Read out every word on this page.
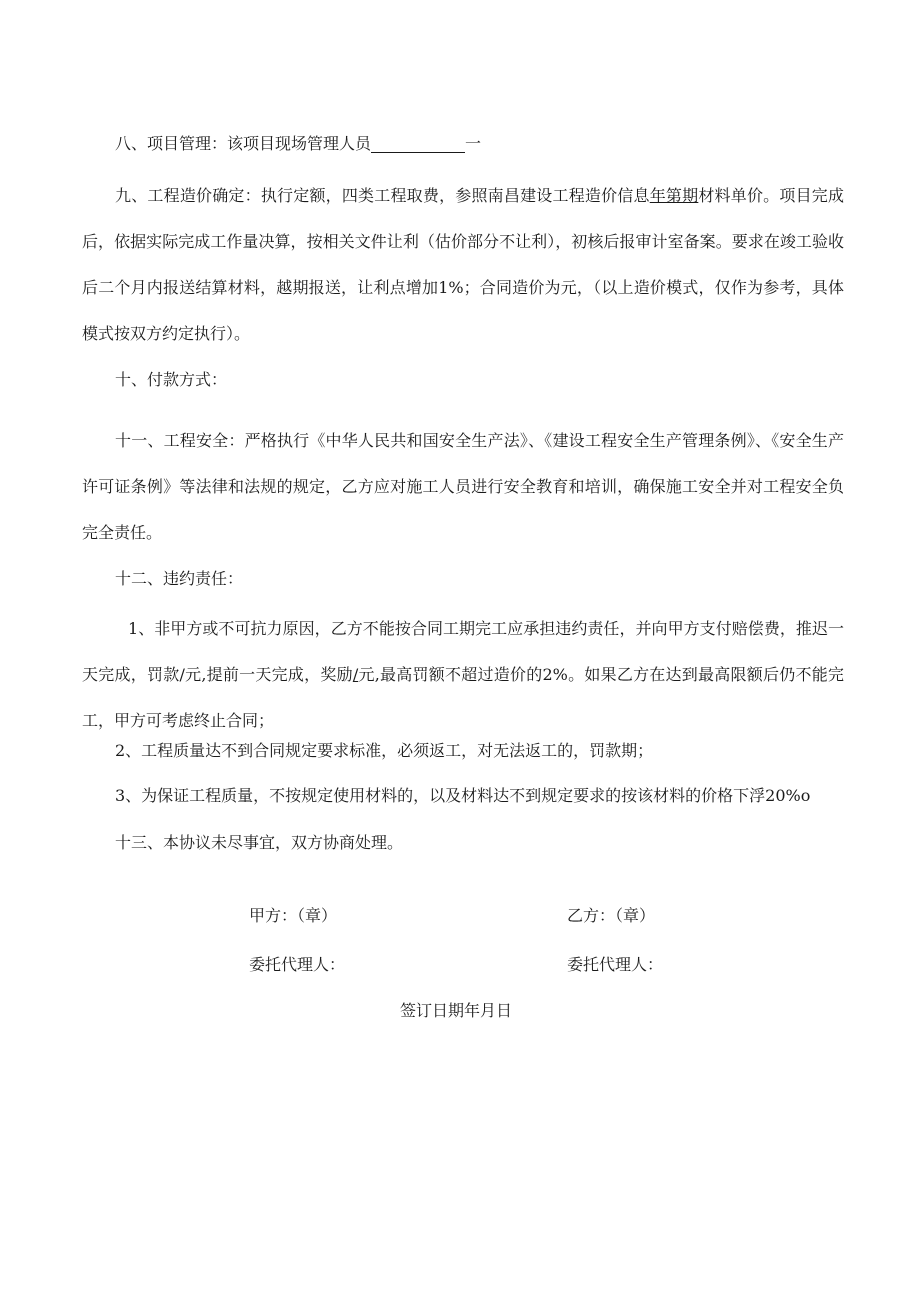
八、项目管理：该项目现场管理人员	一

九、工程造价确定：执行定额，四类工程取费，参照南昌建设工程造价信息年第期材料单价。项目完成后，依据实际完成工作量决算，按相关文件让利（估价部分不让利），初核后报审计室备案。要求在竣工验收后二个月内报送结算材料，越期报送，让利点增加1%；合同造价为元，（以上造价模式，仅作为参考，具体模式按双方约定执行）。

十、付款方式：

十一、工程安全：严格执行《中华人民共和国安全生产法》、《建设工程安全生产管理条例》、《安全生产许可证条例》等法律和法规的规定，乙方应对施工人员进行安全教育和培训，确保施工安全并对工程安全负完全责任。

十二、违约责任：

1、非甲方或不可抗力原因，乙方不能按合同工期完工应承担违约责任，并向甲方支付赔偿费，推迟一天完成，罚款/元,提前一天完成，奖励/元,最高罚额不超过造价的2%。如果乙方在达到最高限额后仍不能完工，甲方可考虑终止合同；

2、工程质量达不到合同规定要求标准，必须返工，对无法返工的，罚款期；

3、为保证工程质量，不按规定使用材料的，以及材料达不到规定要求的按该材料的价格下浮20%o

十三、本协议未尽事宜，双方协商处理。

甲方：（章）	乙方：（章）
委托代理人：	委托代理人：
签订日期年月日
